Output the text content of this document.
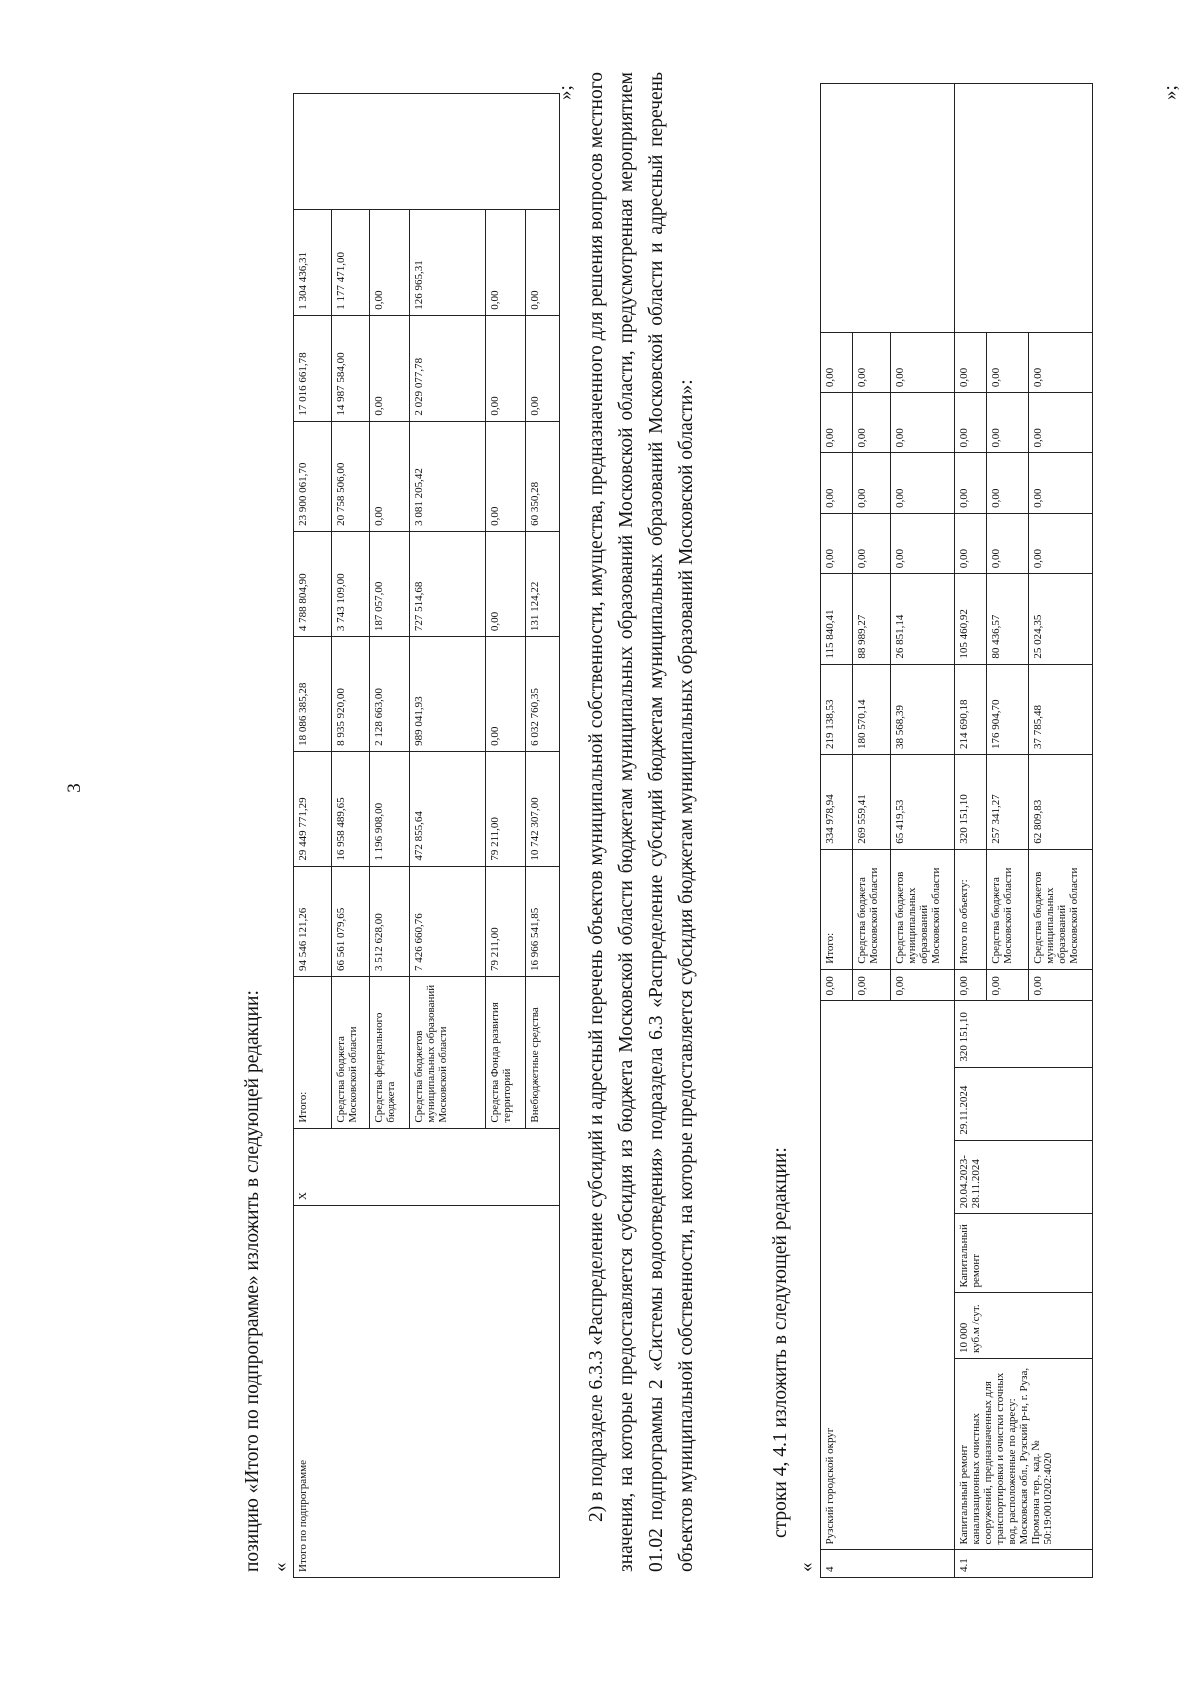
3
позицию «Итого по подпрограмме» изложить в следующей редакции: « Итого по подпрограмме	X	Итого:	94 546 121,26	29 449 771,29	18 086 385,28	4 788 804,90	23 900 061,70	17 016 661,78	1 304 436,31	
		Средства бюджета Московской области	66 561 079,65	16 958 489,65	8 935 920,00	3 743 109,00	20 758 506,00	14 987 584,00	1 177 471,00	
		Средства федерального бюджета	3 512 628,00	1 196 908,00	2 128 663,00	187 057,00	0,00	0,00	0,00	
		Средства бюджетов муниципальных образований Московской области	7 426 660,76	472 855,64	989 041,93	727 514,68	3 081 205,42	2 029 077,78	126 965,31	
		Средства Фонда развития территорий	79 211,00	79 211,00	0,00	0,00	0,00	0,00	0,00	
		Внебюджетные средства	16 966 541,85	10 742 307,00	6 032 760,35	131 124,22	60 350,28	0,00	0,00	
»; 2) в подразделе 6.3.3 «Распределение субсидий и адресный перечень объектов муниципальной собственности, имущества, предназначенного для решения вопросов местного значения, на которые предоставляется субсидия из бюджета Московской области бюджетам муниципальных образований Московской области, предусмотренная мероприятием 01.02 подпрограммы 2 «Системы водоотведения» подраздела 6.3 «Распределение субсидий бюджетам муниципальных образований Московской области и адресный перечень объектов муниципальной собственности, на которые предоставляется субсидия бюджетам муниципальных образований Московской области»:	строки 4, 4.1 изложить в следующей редакции:
« 4	Рузский городской округ						0,00	Итого:	334 978,94	219 138,53	115 840,41	0,00	0,00	0,00	0,00	
							0,00	Средства бюджета Московской области	269 559,41	180 570,14	88 989,27	0,00	0,00	0,00	0,00	
							0,00	Средства бюджетов муниципальных образований Московской области	65 419,53	38 568,39	26 851,14	0,00	0,00	0,00	0,00	
4.1	Капитальный ремонт канализационных очистных сооружений, предназначенных для транспортировки и очистки сточных вод, расположенные по адресу: Московская обл., Рузский р-н, г. Руза, Промзона тер., кад. № 50:19:0010202:4020	10 000 куб.м /сут.	Капитальный ремонт	20.04.2023-28.11.2024	29.11.2024	320 151,10	0,00	Итого по объекту:	320 151,10	214 690,18	105 460,92	0,00	0,00	0,00	0,00	
							0,00	Средства бюджета Московской области	257 341,27	176 904,70	80 436,57	0,00	0,00	0,00	0,00	
							0,00	Средства бюджетов муниципальных образований Московской области	62 809,83	37 785,48	25 024,35	0,00	0,00	0,00	0,00	
»;
